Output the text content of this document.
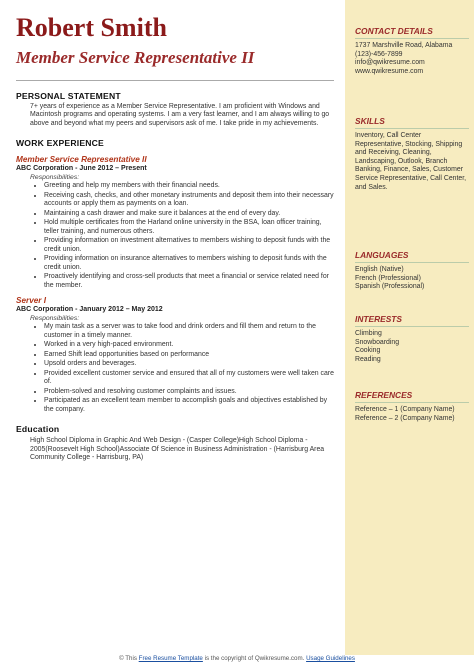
Robert Smith
Member Service Representative II
PERSONAL STATEMENT
7+ years of experience as a Member Service Representative. I am proficient with Windows and Macintosh programs and operating systems. I am a very fast learner, and I am always willing to go above and beyond what my peers and supervisors ask of me. I take pride in my achievements.
WORK EXPERIENCE
Member Service Representative II
ABC Corporation - June 2012 – Present
Responsibilities:
• Greeting and help my members with their financial needs.
• Receiving cash, checks, and other monetary instruments and deposit them into their necessary accounts or apply them as payments on a loan.
• Maintaining a cash drawer and make sure it balances at the end of every day.
• Hold multiple certificates from the Harland online university in the BSA, loan officer training, teller training, and numerous others.
• Providing information on investment alternatives to members wishing to deposit funds with the credit union.
• Providing information on insurance alternatives to members wishing to deposit funds with the credit union.
• Proactively identifying and cross-sell products that meet a financial or service related need for the member.
Server I
ABC Corporation - January 2012 – May 2012
Responsibilities:
• My main task as a server was to take food and drink orders and fill them and return to the customer in a timely manner.
• Worked in a very high-paced environment.
• Earned Shift lead opportunities based on performance
• Upsold orders and beverages.
• Provided excellent customer service and ensured that all of my customers were well taken care of.
• Problem-solved and resolving customer complaints and issues.
• Participated as an excellent team member to accomplish goals and objectives established by the company.
Education
High School Diploma in Graphic And Web Design - (Casper College)High School Diploma - 2005(Roosevelt High School)Associate Of Science in Business Administration - (Harrisburg Area Community College - Harrisburg, PA)
CONTACT DETAILS
1737 Marshville Road, Alabama
(123)-456-7899
info@qwikresume.com
www.qwikresume.com
SKILLS
Inventory, Call Center Representative, Stocking, Shipping and Receiving, Cleaning, Landscaping, Outlook, Branch Banking, Finance, Sales, Customer Service Representative, Call Center, and Sales.
LANGUAGES
English (Native)
French (Professional)
Spanish (Professional)
INTERESTS
Climbing
Snowboarding
Cooking
Reading
REFERENCES
Reference – 1 (Company Name)
Reference – 2 (Company Name)
© This Free Resume Template is the copyright of Qwikresume.com. Usage Guidelines
